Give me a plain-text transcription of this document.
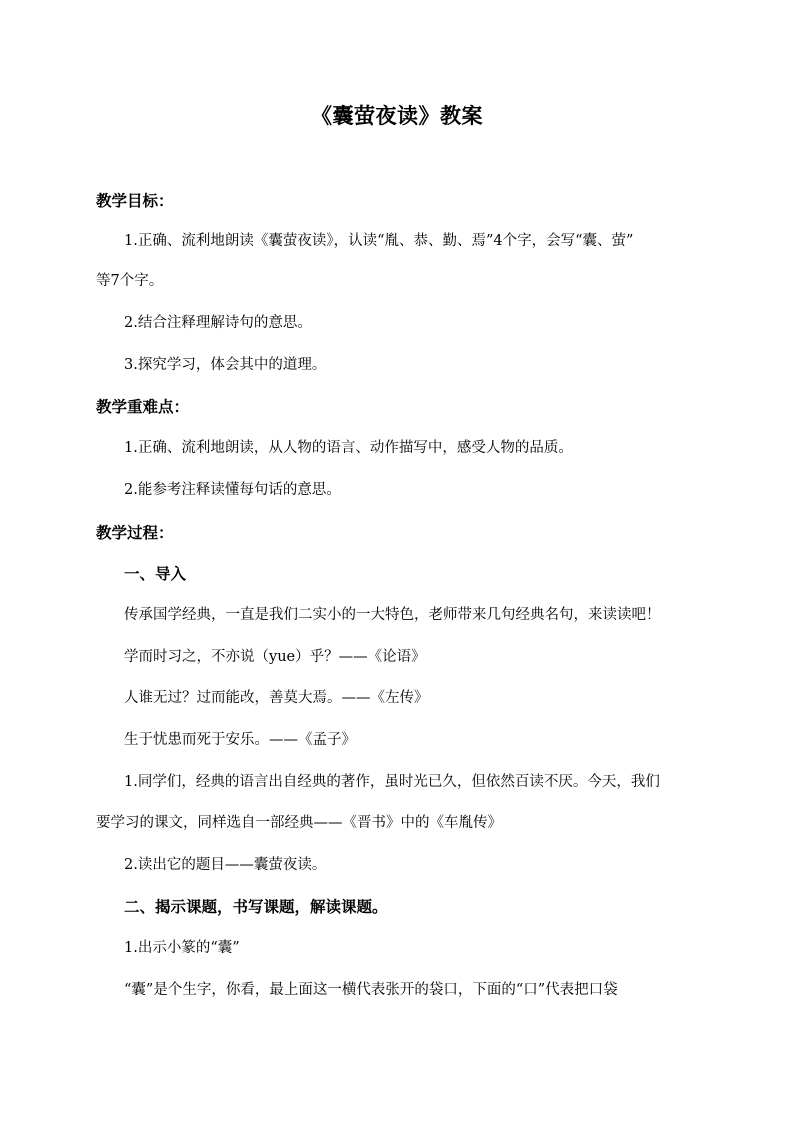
《囊萤夜读》教案
教学目标：
1.正确、流利地朗读《囊萤夜读》，认读“胤、恭、勤、焉”4个字，会写“囊、萤”
等7个字。
2.结合注释理解诗句的意思。
3.探究学习，体会其中的道理。
教学重难点：
1.正确、流利地朗读，从人物的语言、动作描写中，感受人物的品质。
2.能参考注释读懂每句话的意思。
教学过程：
一、导入
传承国学经典，一直是我们二实小的一大特色，老师带来几句经典名句，来读读吧！
学而时习之，不亦说（yue）乎？——《论语》
人谁无过？过而能改，善莫大焉。——《左传》
生于忧患而死于安乐。——《孟子》
1.同学们，经典的语言出自经典的著作，虽时光已久，但依然百读不厌。今天，我们
要学习的课文，同样选自一部经典——《晋书》中的《车胤传》
2.读出它的题目——囊萤夜读。
二、揭示课题，书写课题，解读课题。
1.出示小篆的“囊”
“囊”是个生字，你看，最上面这一横代表张开的袋口，下面的“口”代表把口袋
